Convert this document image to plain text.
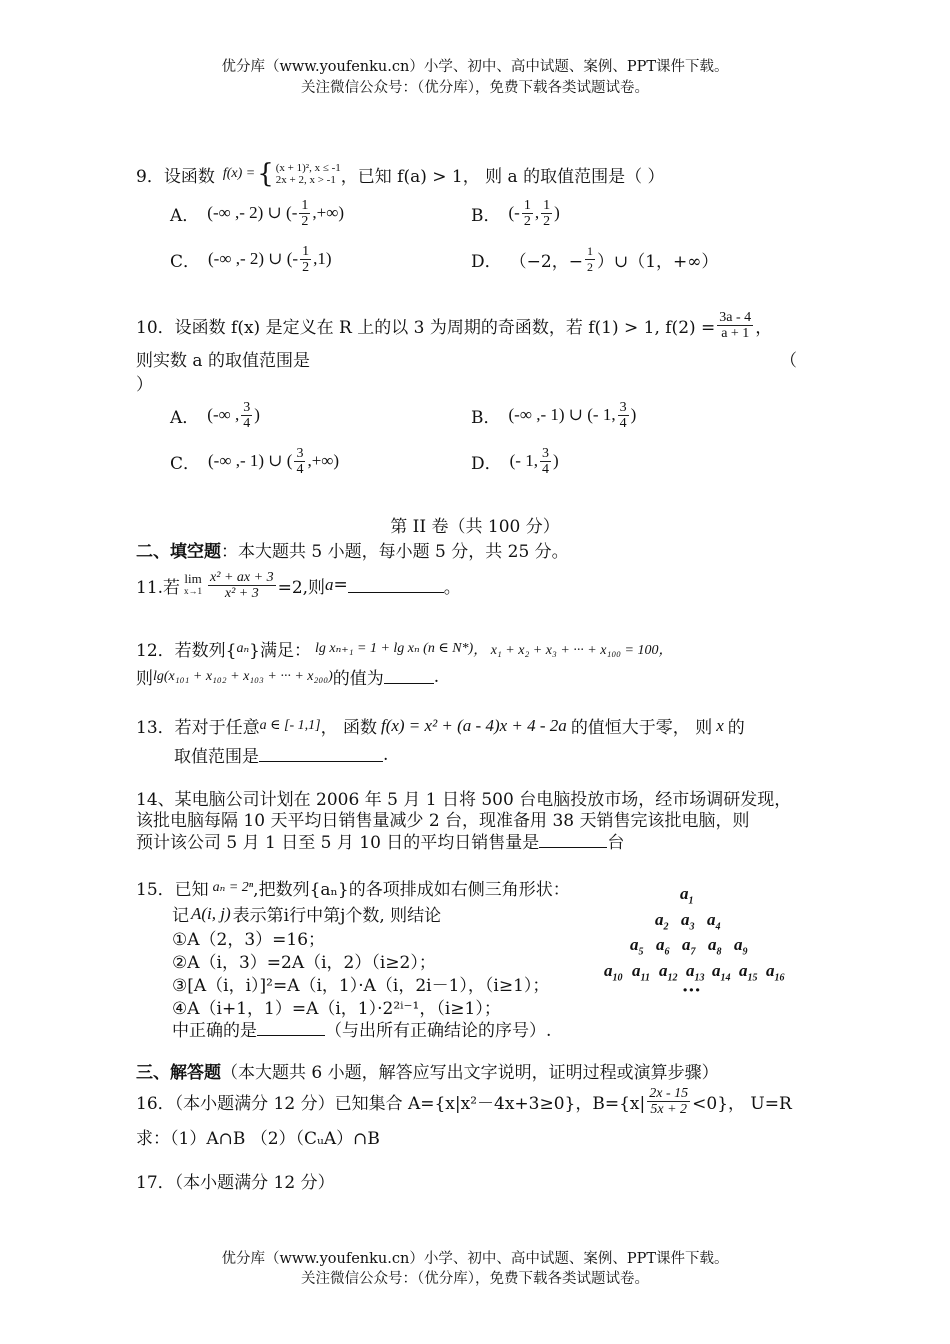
优分库（www.youfenku.cn）小学、初中、高中试题、案例、PPT课件下载。
关注微信公众号：（优分库），免费下载各类试题试卷。
9．设函数 f(x) = { (x + 1)², x ≤ -1
2x + 2, x > -1 ，已知 f(a) > 1， 则 a 的取值范围是（ ）
A． (-∞ ,- 2) ∪ (- $\frac{1}{2}$ ,+∞)	B． (- $\frac{1}{2}$ , $\frac{1}{2}$ )
C． (-∞ ,- 2) ∪ (- $\frac{1}{2} ,1$)	D． （−2，− $\frac{1}{2}$ ）∪（1，+∞）
10．设函数 f(x) 是定义在 R 上的以 3 为周期的奇函数，若 f(1) > 1, $f(2) = \frac{3a - 4}{a + 1}$ ，
则实数 a 的取值范围是	（
）
A． (-∞ , $\frac{3}{4}$ )	B． (-∞ ,- 1) ∪ (- 1, $\frac{3}{4}$ )
C． (-∞ ,- 1) ∪ ( $\frac{3}{4}$ ,+∞)	D． (- 1, $\frac{3}{4}$ )
第 II 卷（共 100 分）
二、填空题：本大题共 5 小题，每小题 5 分，共 25 分。
11.若 lim
$x\to 1 \frac{\text{x² + ax + 3}}{\text{x² + 3}} =2$,则 a =	。
12．若数列{ aₙ }满足： lg xₙ₊₁ = 1 + lg xₙ (n ∈ N*) ， x₁ + x₂ + x₃ + ··· + x₁₀₀ = 100，
则 lg(x₁₀₁ + x₁₀₂ + x₁₀₃ + ··· + x₂₀₀) 的值为	.
13．若对于任意 a ∈ [- 1,1] ， 函数 f(x) = x² + (a - 4)x + 4 - 2a 的值恒大于零， 则 x 的
取值范围是	.
14、某电脑公司计划在 2006 年 5 月 1 日将 500 台电脑投放市场，经市场调研发现，
该批电脑每隔 10 天平均日销售量减少 2 台，现准备用 38 天销售完该批电脑，则
预计该公司 5 月 1 日至 5 月 10 日的平均日销售量是	台
15．已知 aₙ = 2ⁿ ,把数列{aₙ}的各项排成如右侧三角形状：
记 A(i, j) 表示第i行中第j个数, 则结论
①A（2，3）=16；
②A（i，3）=2A（i，2）（i≥2）；
③[A（i，i）]²=A（i，1）·A（i，2i－1），（i≥1）；
④A（i+1，1）=A（i，1）·2²ⁱ⁻¹，（i≥1）；
中正确的是	（与出所有正确结论的序号）.
$a_1$
$a_2$ $a_3$ $a_4$
$a_5$ $a_6$ $a_7$ $a_8$ $a_9$
$a_{10}$ $a_{11}$ $a_{12}$ $a_{13}$ $a_{14}$ $a_{15}$ $a_{16}$
···
三、解答题（本大题共 6 小题，解答应写出文字说明，证明过程或演算步骤）
16．（本小题满分 12 分）已知集合 A={x|x²－4x+3≥0}，$B=\{x| \frac{2x - 15}{5x + 2} <0\}$， U=R
求：（1）A∩B （2）（CᵤA）∩B
17．（本小题满分 12 分）
优分库（www.youfenku.cn）小学、初中、高中试题、案例、PPT课件下载。
关注微信公众号：（优分库），免费下载各类试题试卷。
